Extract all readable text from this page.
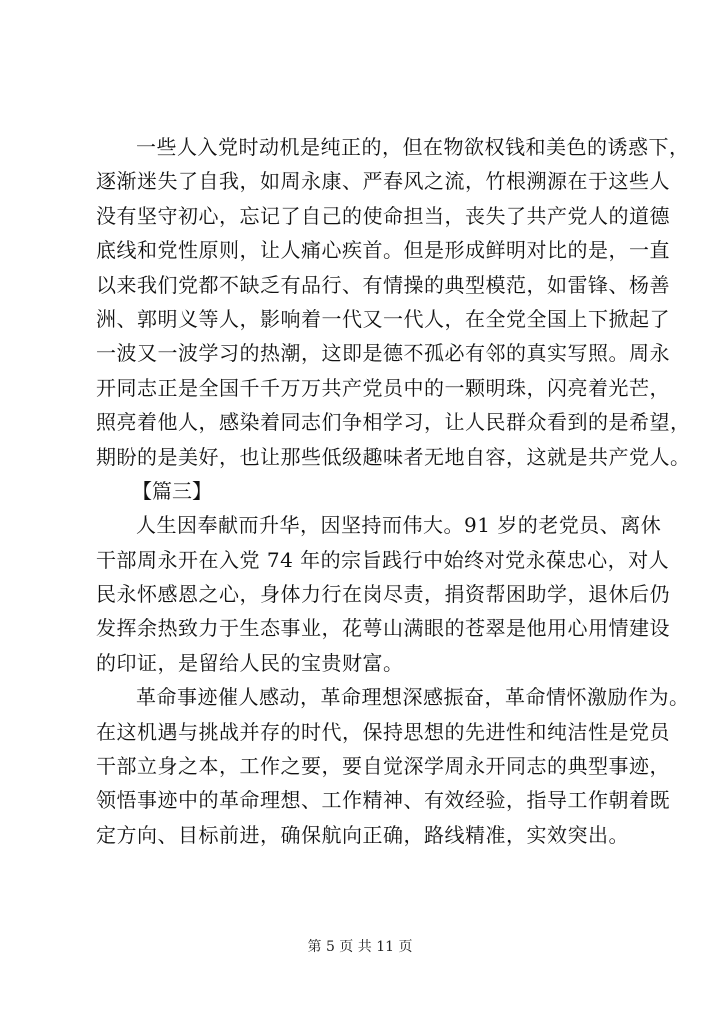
一些人入党时动机是纯正的，但在物欲权钱和美色的诱惑下，
逐渐迷失了自我，如周永康、严春风之流，竹根溯源在于这些人
没有坚守初心，忘记了自己的使命担当，丧失了共产党人的道德
底线和党性原则，让人痛心疾首。但是形成鲜明对比的是，一直
以来我们党都不缺乏有品行、有情操的典型模范，如雷锋、杨善
洲、郭明义等人，影响着一代又一代人，在全党全国上下掀起了
一波又一波学习的热潮，这即是德不孤必有邻的真实写照。周永
开同志正是全国千千万万共产党员中的一颗明珠，闪亮着光芒，
照亮着他人，感染着同志们争相学习，让人民群众看到的是希望，
期盼的是美好，也让那些低级趣味者无地自容，这就是共产党人。
【篇三】
人生因奉献而升华，因坚持而伟大。91 岁的老党员、离休
干部周永开在入党 74 年的宗旨践行中始终对党永葆忠心，对人
民永怀感恩之心，身体力行在岗尽责，捐资帮困助学，退休后仍
发挥余热致力于生态事业，花萼山满眼的苍翠是他用心用情建设
的印证，是留给人民的宝贵财富。
革命事迹催人感动，革命理想深感振奋，革命情怀激励作为。
在这机遇与挑战并存的时代，保持思想的先进性和纯洁性是党员
干部立身之本，工作之要，要自觉深学周永开同志的典型事迹，
领悟事迹中的革命理想、工作精神、有效经验，指导工作朝着既
定方向、目标前进，确保航向正确，路线精准，实效突出。
第 5 页 共 11 页
